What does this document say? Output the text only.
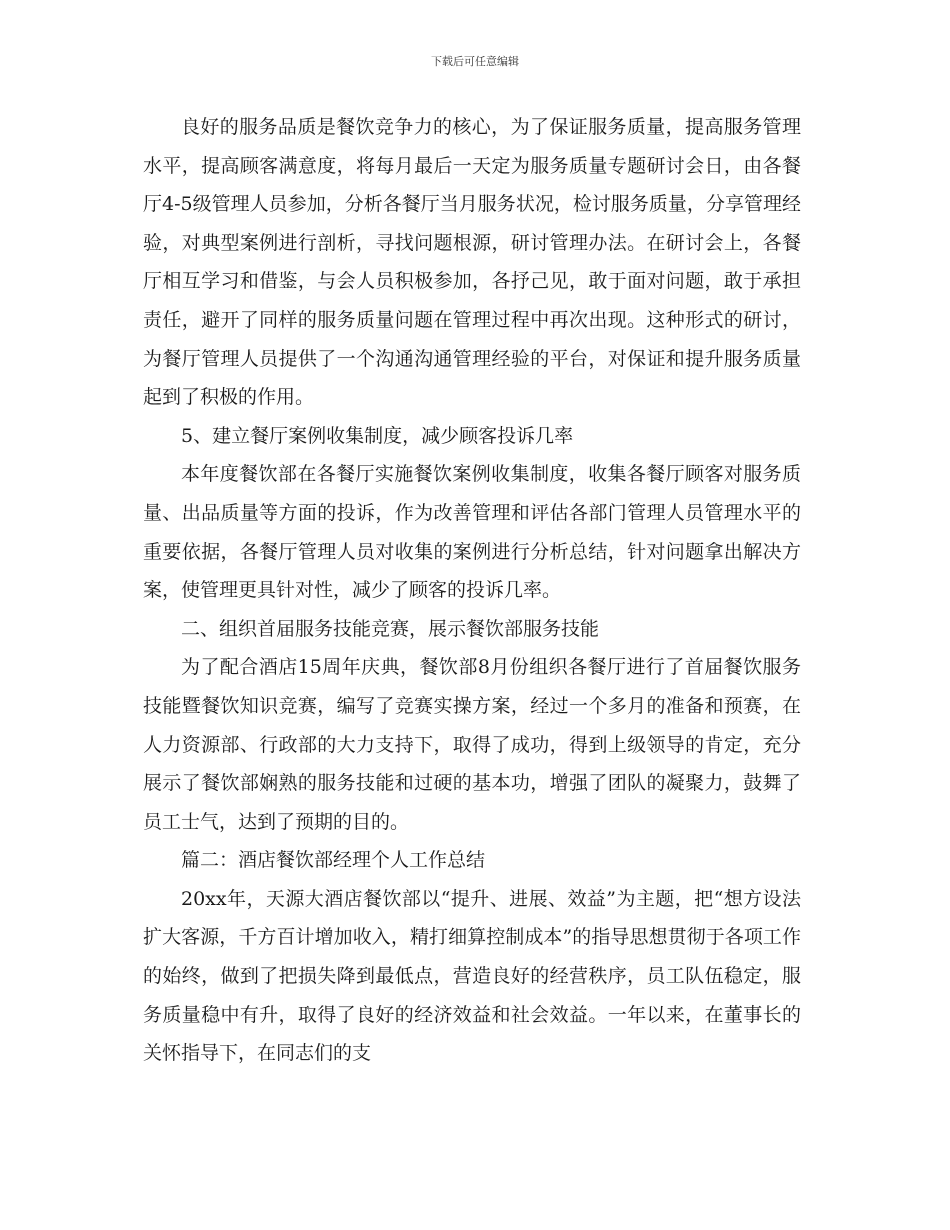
下载后可任意编辑

良好的服务品质是餐饮竞争力的核心，为了保证服务质量，提高服务管理水平，提高顾客满意度，将每月最后一天定为服务质量专题研讨会日，由各餐厅4-5级管理人员参加，分析各餐厅当月服务状况，检讨服务质量，分享管理经验，对典型案例进行剖析，寻找问题根源，研讨管理办法。在研讨会上，各餐厅相互学习和借鉴，与会人员积极参加，各抒己见，敢于面对问题，敢于承担责任，避开了同样的服务质量问题在管理过程中再次出现。这种形式的研讨，为餐厅管理人员提供了一个沟通沟通管理经验的平台，对保证和提升服务质量起到了积极的作用。

5、建立餐厅案例收集制度，减少顾客投诉几率

本年度餐饮部在各餐厅实施餐饮案例收集制度，收集各餐厅顾客对服务质量、出品质量等方面的投诉，作为改善管理和评估各部门管理人员管理水平的重要依据，各餐厅管理人员对收集的案例进行分析总结，针对问题拿出解决方案，使管理更具针对性，减少了顾客的投诉几率。

二、组织首届服务技能竞赛，展示餐饮部服务技能

为了配合酒店15周年庆典，餐饮部8月份组织各餐厅进行了首届餐饮服务技能暨餐饮知识竞赛，编写了竞赛实操方案，经过一个多月的准备和预赛，在人力资源部、行政部的大力支持下，取得了成功，得到上级领导的肯定，充分展示了餐饮部娴熟的服务技能和过硬的基本功，增强了团队的凝聚力，鼓舞了员工士气，达到了预期的目的。

篇二：酒店餐饮部经理个人工作总结

20xx年，天源大酒店餐饮部以“提升、进展、效益”为主题，把“想方设法扩大客源，千方百计增加收入，精打细算控制成本”的指导思想贯彻于各项工作的始终，做到了把损失降到最低点，营造良好的经营秩序，员工队伍稳定，服务质量稳中有升，取得了良好的经济效益和社会效益。一年以来，在董事长的关怀指导下，在同志们的支
